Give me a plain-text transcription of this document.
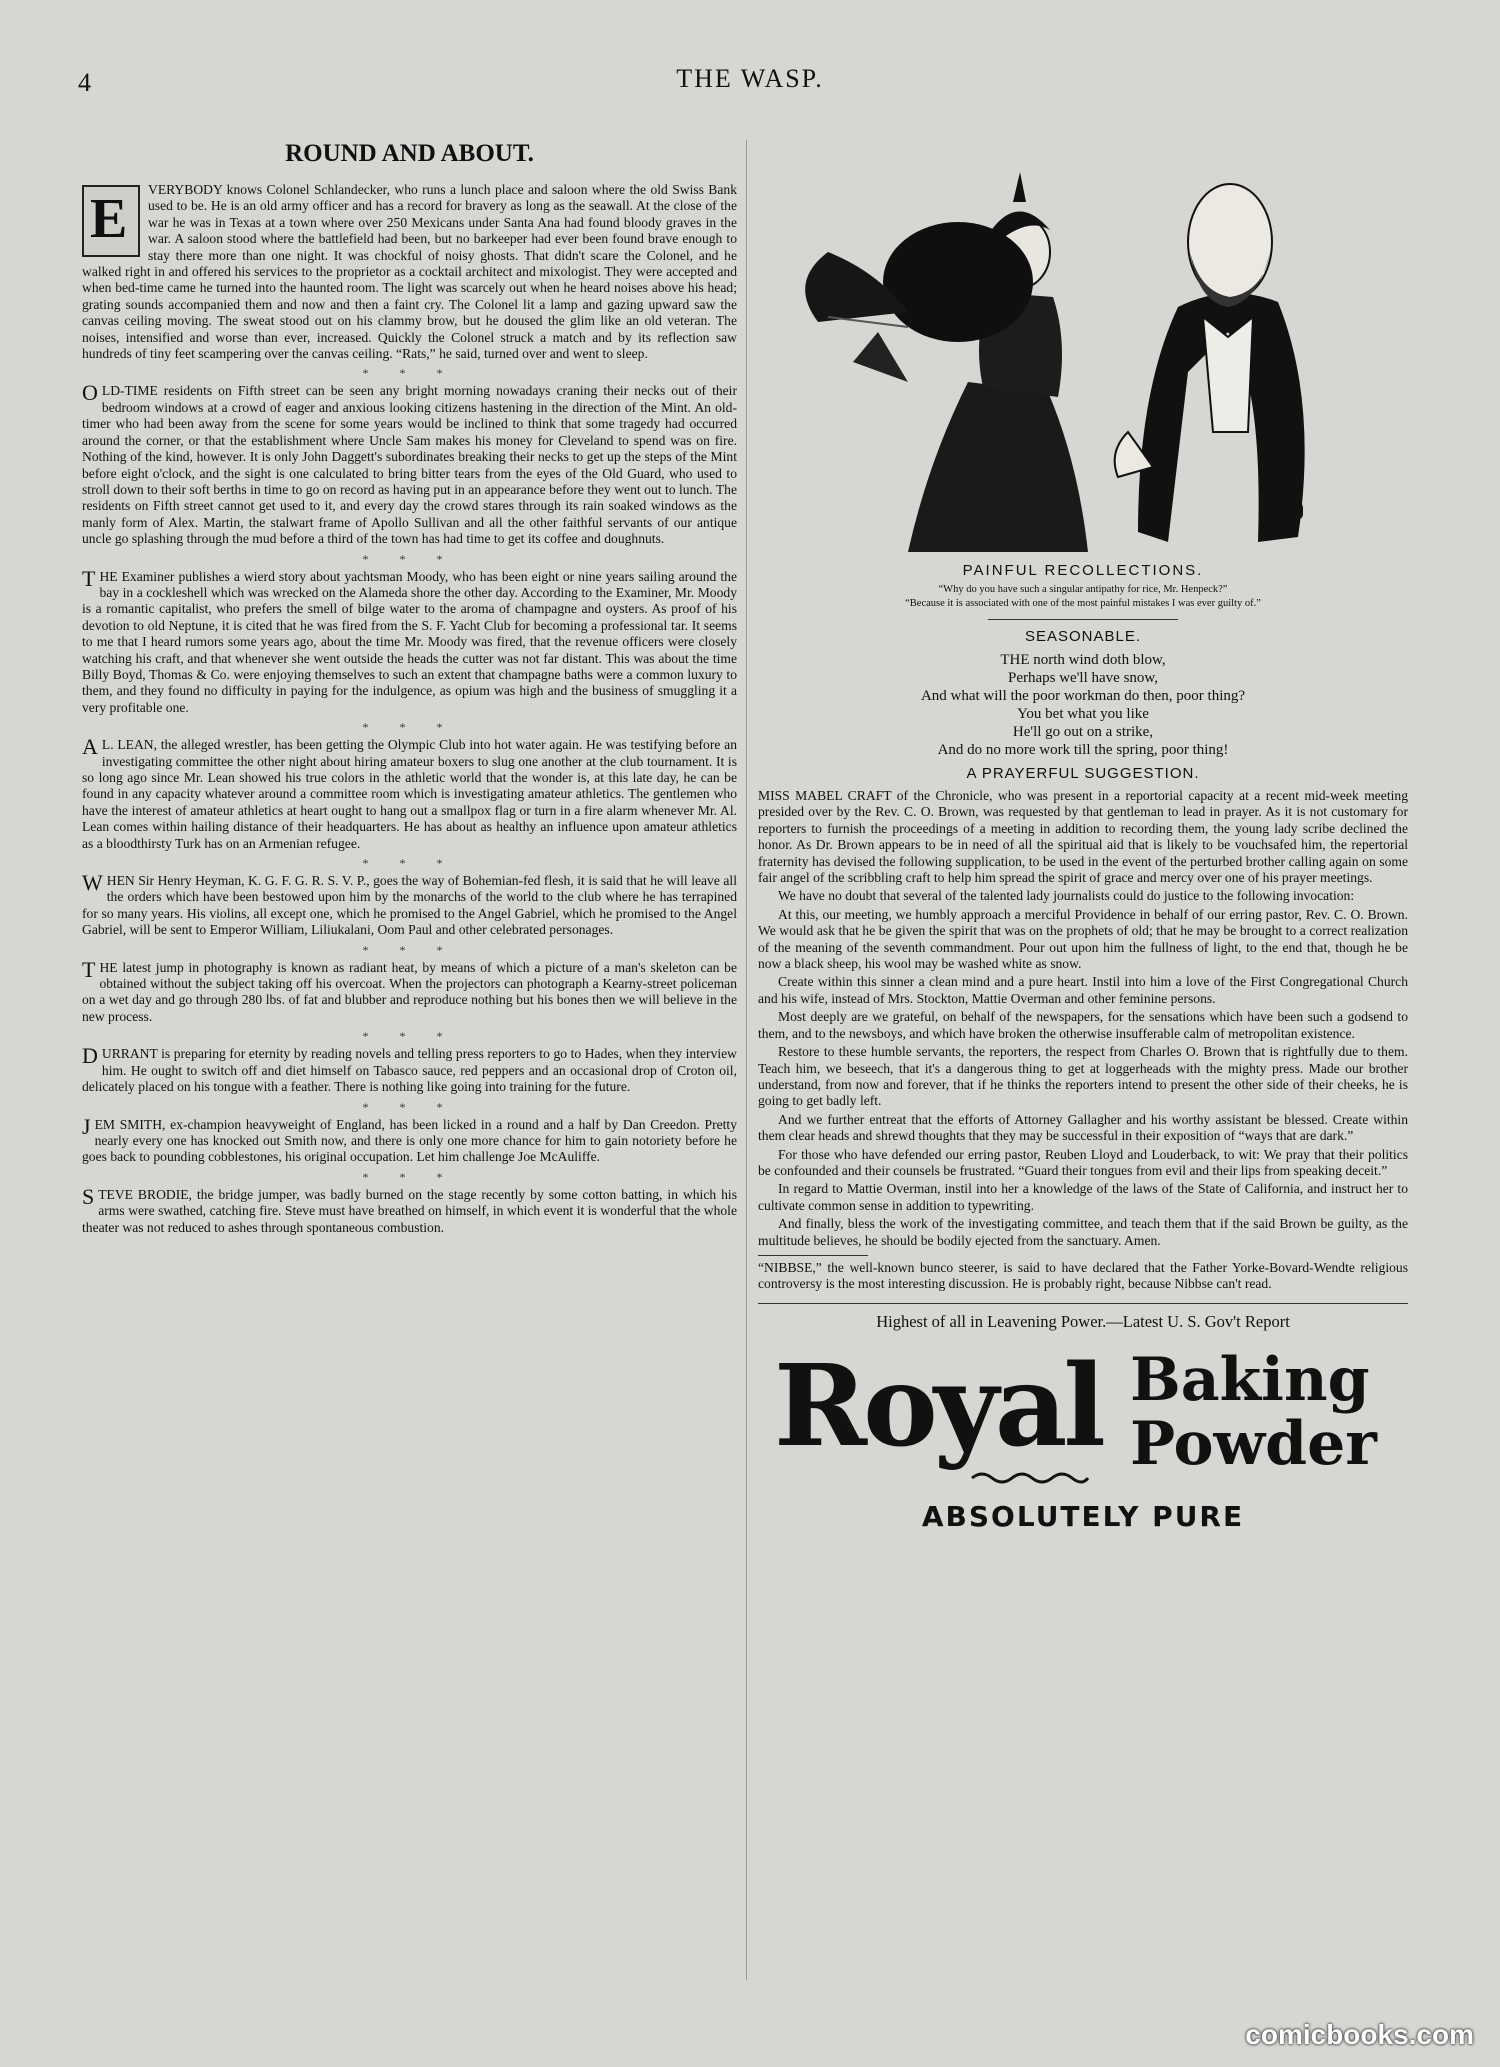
4	THE WASP.
ROUND AND ABOUT.
E	VERYBODY knows Colonel Schlandecker, who runs a lunch place and saloon where the old Swiss Bank used to be. He is an old army officer and has a record for bravery as long as the seawall. At the close of the war he was in Texas at a town where over 250 Mexicans under Santa Ana had found bloody graves in the war. A saloon stood where the battlefield had been, but no barkeeper had ever been found brave enough to stay there more than one night. It was chockful of noisy ghosts. That didn't scare the Colonel, and he walked right in and offered his services to the proprietor as a cocktail architect and mixologist. They were accepted and when bed-time came he turned into the haunted room. The light was scarcely out when he heard noises above his head; grating sounds accompanied them and now and then a faint cry. The Colonel lit a lamp and gazing upward saw the canvas ceiling moving. The sweat stood out on his clammy brow, but he doused the glim like an old veteran. The noises, intensified and worse than ever, increased. Quickly the Colonel struck a match and by its reflection saw hundreds of tiny feet scampering over the canvas ceiling. “Rats,” he said, turned over and went to sleep.

* * *
O LD-TIME residents on Fifth street can be seen any bright morning nowadays craning their necks out of their bedroom windows at a crowd of eager and anxious looking citizens hastening in the direction of the Mint. An old-timer who had been away from the scene for some years would be inclined to think that some tragedy had occurred around the corner, or that the establishment where Uncle Sam makes his money for Cleveland to spend was on fire. Nothing of the kind, however. It is only John Daggett's subordinates breaking their necks to get up the steps of the Mint before eight o'clock, and the sight is one calculated to bring bitter tears from the eyes of the Old Guard, who used to stroll down to their soft berths in time to go on record as having put in an appearance before they went out to lunch. The residents on Fifth street cannot get used to it, and every day the crowd stares through its rain soaked windows as the manly form of Alex. Martin, the stalwart frame of Apollo Sullivan and all the other faithful servants of our antique uncle go splashing through the mud before a third of the town has had time to get its coffee and doughnuts.

* * *
T HE Examiner publishes a wierd story about yachtsman Moody, who has been eight or nine years sailing around the bay in a cockleshell which was wrecked on the Alameda shore the other day. According to the Examiner, Mr. Moody is a romantic capitalist, who prefers the smell of bilge water to the aroma of champagne and oysters. As proof of his devotion to old Neptune, it is cited that he was fired from the S. F. Yacht Club for becoming a professional tar. It seems to me that I heard rumors some years ago, about the time Mr. Moody was fired, that the revenue officers were closely watching his craft, and that whenever she went outside the heads the cutter was not far distant. This was about the time Billy Boyd, Thomas & Co. were enjoying themselves to such an extent that champagne baths were a common luxury to them, and they found no difficulty in paying for the indulgence, as opium was high and the business of smuggling it a very profitable one.

* * *
A L. LEAN, the alleged wrestler, has been getting the Olympic Club into hot water again. He was testifying before an investigating committee the other night about hiring amateur boxers to slug one another at the club tournament. It is so long ago since Mr. Lean showed his true colors in the athletic world that the wonder is, at this late day, he can be found in any capacity whatever around a committee room which is investigating amateur athletics. The gentlemen who have the interest of amateur athletics at heart ought to hang out a smallpox flag or turn in a fire alarm whenever Mr. Al. Lean comes within hailing distance of their headquarters. He has about as healthy an influence upon amateur athletics as a bloodthirsty Turk has on an Armenian refugee.

* * *
W HEN Sir Henry Heyman, K. G. F. G. R. S. V. P., goes the way of Bohemian-fed flesh, it is said that he will leave all the orders which have been bestowed upon him by the monarchs of the world to the club where he has terrapined for so many years. His violins, all except one, which he promised to the Angel Gabriel, which he promised to the Angel Gabriel, will be sent to Emperor William, Liliukalani, Oom Paul and other celebrated personages.

* * *
T HE latest jump in photography is known as radiant heat, by means of which a picture of a man's skeleton can be obtained without the subject taking off his overcoat. When the projectors can photograph a Kearny-street policeman on a wet day and go through 280 lbs. of fat and blubber and reproduce nothing but his bones then we will believe in the new process.

* * *
D URRANT is preparing for eternity by reading novels and telling press reporters to go to Hades, when they interview him. He ought to switch off and diet himself on Tabasco sauce, red peppers and an occasional drop of Croton oil, delicately placed on his tongue with a feather. There is nothing like going into training for the future.

* * *
J EM SMITH, ex-champion heavyweight of England, has been licked in a round and a half by Dan Creedon. Pretty nearly every one has knocked out Smith now, and there is only one more chance for him to gain notoriety before he goes back to pounding cobblestones, his original occupation. Let him challenge Joe McAuliffe.

* * *
S TEVE BRODIE, the bridge jumper, was badly burned on the stage recently by some cotton batting, in which his arms were swathed, catching fire. Steve must have breathed on himself, in which event it is wonderful that the whole theater was not reduced to ashes through spontaneous combustion.

PAINFUL RECOLLECTIONS.
“Why do you have such a singular antipathy for rice, Mr. Henpeck?”
“Because it is associated with one of the most painful mistakes I was ever guilty of.”
SEASONABLE.
THE north wind doth blow,
Perhaps we'll have snow,
And what will the poor workman do then, poor thing?
You bet what you like
He'll go out on a strike,
And do no more work till the spring, poor thing!
A PRAYERFUL SUGGESTION.

MISS MABEL CRAFT of the Chronicle, who was present in a reportorial capacity at a recent mid-week meeting presided over by the Rev. C. O. Brown, was requested by that gentleman to lead in prayer. As it is not customary for reporters to furnish the proceedings of a meeting in addition to recording them, the young lady scribe declined the honor. As Dr. Brown appears to be in need of all the spiritual aid that is likely to be vouchsafed him, the repertorial fraternity has devised the following supplication, to be used in the event of the perturbed brother calling again on some fair angel of the scribbling craft to help him spread the spirit of grace and mercy over one of his prayer meetings.

We have no doubt that several of the talented lady journalists could do justice to the following invocation:

At this, our meeting, we humbly approach a merciful Providence in behalf of our erring pastor, Rev. C. O. Brown. We would ask that he be given the spirit that was on the prophets of old; that he may be brought to a correct realization of the meaning of the seventh commandment. Pour out upon him the fullness of light, to the end that, though he be now a black sheep, his wool may be washed white as snow.

Create within this sinner a clean mind and a pure heart. Instil into him a love of the First Congregational Church and his wife, instead of Mrs. Stockton, Mattie Overman and other feminine persons.

Most deeply are we grateful, on behalf of the newspapers, for the sensations which have been such a godsend to them, and to the newsboys, and which have broken the otherwise insufferable calm of metropolitan existence.

Restore to these humble servants, the reporters, the respect from Charles O. Brown that is rightfully due to them. Teach him, we beseech, that it's a dangerous thing to get at loggerheads with the mighty press. Made our brother understand, from now and forever, that if he thinks the reporters intend to present the other side of their cheeks, he is going to get badly left.

And we further entreat that the efforts of Attorney Gallagher and his worthy assistant be blessed. Create within them clear heads and shrewd thoughts that they may be successful in their exposition of “ways that are dark.”

For those who have defended our erring pastor, Reuben Lloyd and Louderback, to wit: We pray that their politics be confounded and their counsels be frustrated. “Guard their tongues from evil and their lips from speaking deceit.”

In regard to Mattie Overman, instil into her a knowledge of the laws of the State of California, and instruct her to cultivate common sense in addition to typewriting.

And finally, bless the work of the investigating committee, and teach them that if the said Brown be guilty, as the multitude believes, he should be bodily ejected from the sanctuary. Amen.

“NIBBSE,” the well-known bunco steerer, is said to have declared that the Father Yorke-Bovard-Wendte religious controversy is the most interesting discussion. He is probably right, because Nibbse can't read.

Highest of all in Leavening Power.—Latest U. S. Gov't Report
Royal Baking
Powder
ABSOLUTELY PURE
comicbooks.com
